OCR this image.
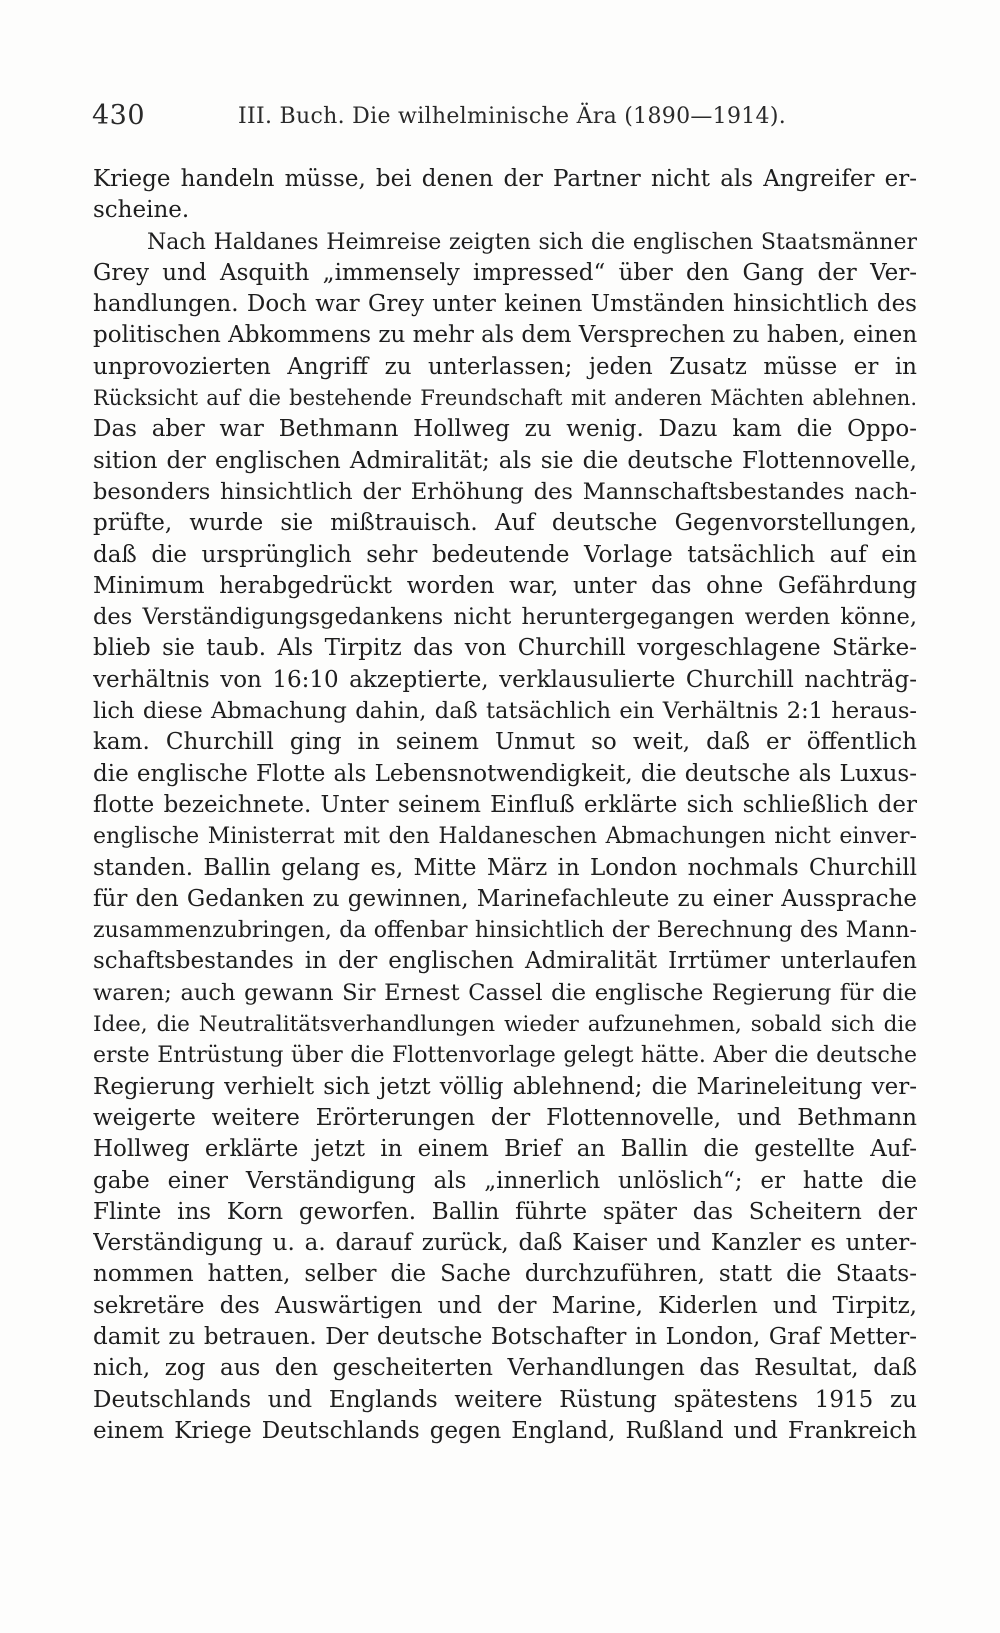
430	III. Buch. Die wilhelminische Ära (1890—1914).
Kriege handeln müsse, bei denen der Partner nicht als Angreifer er-
scheine.
Nach Haldanes Heimreise zeigten sich die englischen Staatsmänner
Grey und Asquith „immensely impressed“ über den Gang der Ver-
handlungen. Doch war Grey unter keinen Umständen hinsichtlich des
politischen Abkommens zu mehr als dem Versprechen zu haben, einen
unprovozierten Angriff zu unterlassen; jeden Zusatz müsse er in
Rücksicht auf die bestehende Freundschaft mit anderen Mächten ablehnen.
Das aber war Bethmann Hollweg zu wenig. Dazu kam die Oppo-
sition der englischen Admiralität; als sie die deutsche Flottennovelle,
besonders hinsichtlich der Erhöhung des Mannschaftsbestandes nach-
prüfte, wurde sie mißtrauisch. Auf deutsche Gegenvorstellungen,
daß die ursprünglich sehr bedeutende Vorlage tatsächlich auf ein
Minimum herabgedrückt worden war, unter das ohne Gefährdung
des Verständigungsgedankens nicht heruntergegangen werden könne,
blieb sie taub. Als Tirpitz das von Churchill vorgeschlagene Stärke-
verhältnis von 16:10 akzeptierte, verklausulierte Churchill nachträg-
lich diese Abmachung dahin, daß tatsächlich ein Verhältnis 2:1 heraus-
kam. Churchill ging in seinem Unmut so weit, daß er öffentlich
die englische Flotte als Lebensnotwendigkeit, die deutsche als Luxus-
flotte bezeichnete. Unter seinem Einfluß erklärte sich schließlich der
englische Ministerrat mit den Haldaneschen Abmachungen nicht einver-
standen. Ballin gelang es, Mitte März in London nochmals Churchill
für den Gedanken zu gewinnen, Marinefachleute zu einer Aussprache
zusammenzubringen, da offenbar hinsichtlich der Berechnung des Mann-
schaftsbestandes in der englischen Admiralität Irrtümer unterlaufen
waren; auch gewann Sir Ernest Cassel die englische Regierung für die
Idee, die Neutralitätsverhandlungen wieder aufzunehmen, sobald sich die
erste Entrüstung über die Flottenvorlage gelegt hätte. Aber die deutsche
Regierung verhielt sich jetzt völlig ablehnend; die Marineleitung ver-
weigerte weitere Erörterungen der Flottennovelle, und Bethmann
Hollweg erklärte jetzt in einem Brief an Ballin die gestellte Auf-
gabe einer Verständigung als „innerlich unlöslich“; er hatte die
Flinte ins Korn geworfen. Ballin führte später das Scheitern der
Verständigung u. a. darauf zurück, daß Kaiser und Kanzler es unter-
nommen hatten, selber die Sache durchzuführen, statt die Staats-
sekretäre des Auswärtigen und der Marine, Kiderlen und Tirpitz,
damit zu betrauen. Der deutsche Botschafter in London, Graf Metter-
nich, zog aus den gescheiterten Verhandlungen das Resultat, daß
Deutschlands und Englands weitere Rüstung spätestens 1915 zu
einem Kriege Deutschlands gegen England, Rußland und Frankreich
